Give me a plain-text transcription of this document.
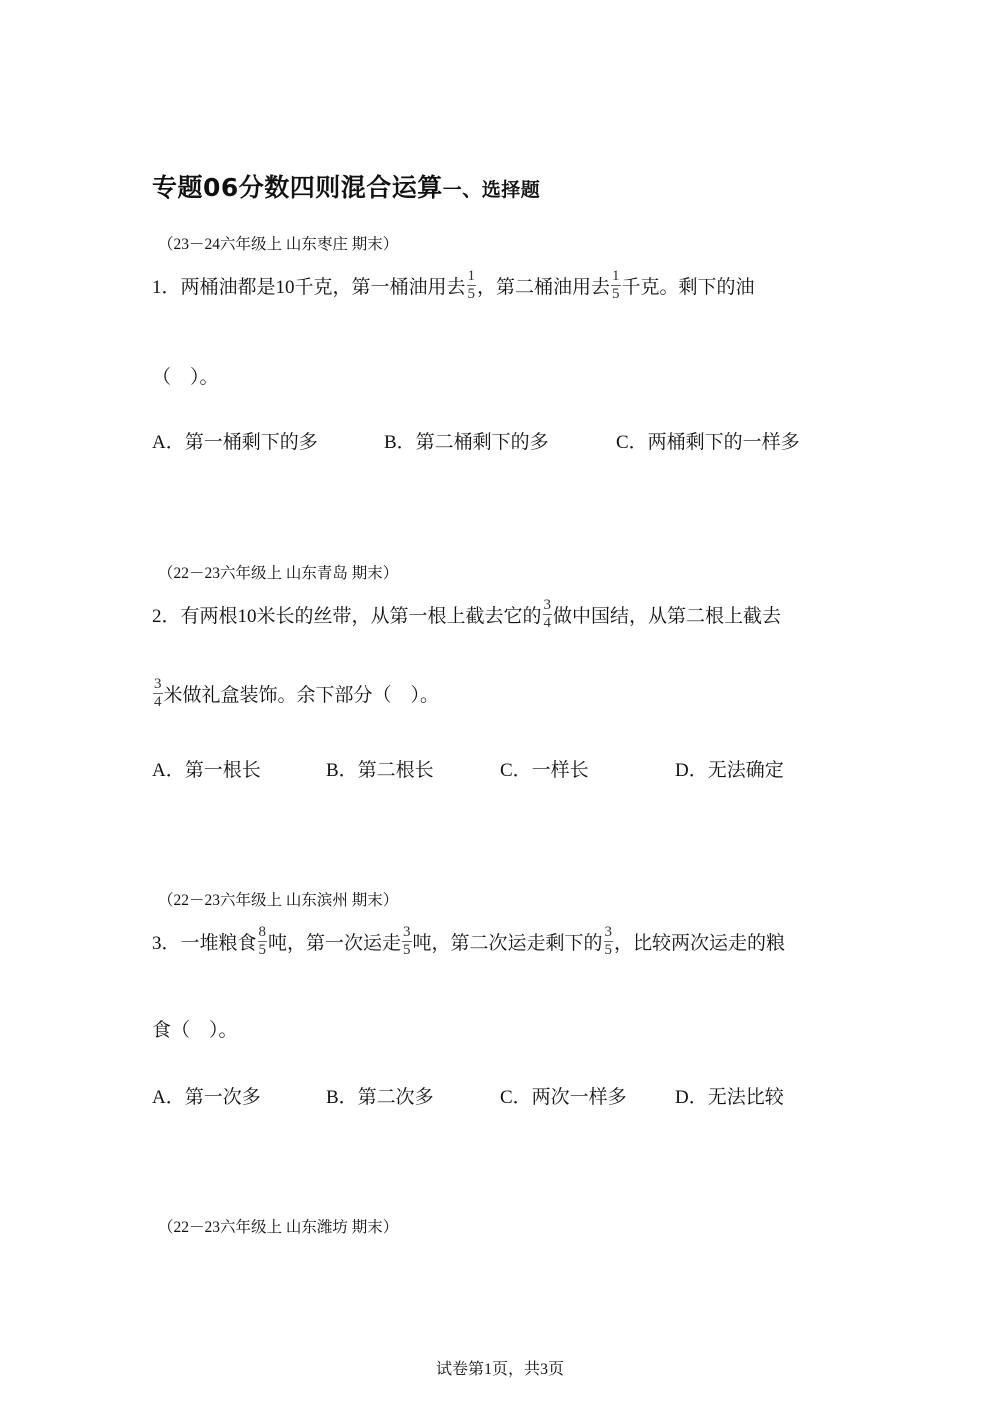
专题06分数四则混合运算一、选择题
（23－24六年级上 山东枣庄 期末）
1．两桶油都是10千克，第一桶油用去 $\frac{1}{5}$ ，第二桶油用去 $\frac{1}{5}$ 千克。剩下的油
（　）。
A．第一桶剩下的多	B．第二桶剩下的多	C．两桶剩下的一样多
（22－23六年级上 山东青岛 期末）
2．有两根10米长的丝带，从第一根上截去它的 $\frac{3}{4}$ 做中国结，从第二根上截去
$\frac{3}{4}$ 米做礼盒装饰。余下部分（　）。
A．第一根长	B．第二根长	C．一样长	D．无法确定
（22－23六年级上 山东滨州 期末）
3．一堆粮食 $\frac{8}{5}$ 吨，第一次运走 $\frac{3}{5}$ 吨，第二次运走剩下的 $\frac{3}{5}$ ，比较两次运走的粮
食（　）。
A．第一次多	B．第二次多	C．两次一样多	D．无法比较
（22－23六年级上 山东潍坊 期末）
试卷第1页，共3页
